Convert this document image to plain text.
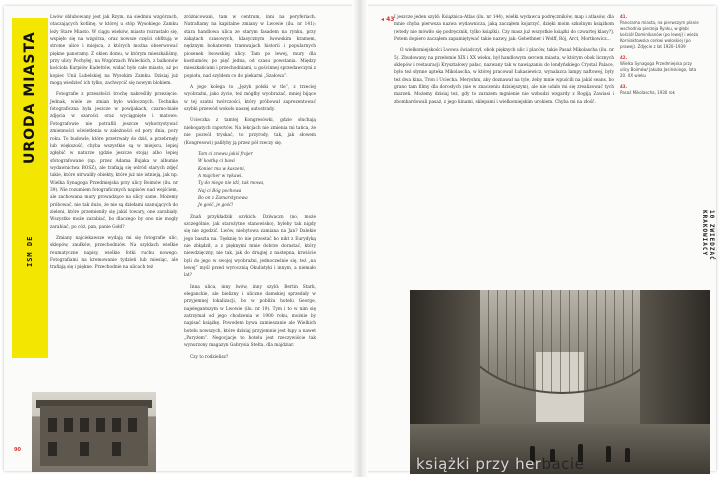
URODA MIASTA
ISM DE

Lwów oblubowany jest jak Rzym, na siedmiu wzgórzach, otaczających kotlinę, w której u stóp Wysokiego Zamku leży Stare Miasto. W ciągu wieków, miasto rozrastało się, wspięło się na wzgórza, oraz nowsze części obfitują w strome ulice i miejsca, z których można obserwować piękne panoramy. Z okien domu, w którym mieszkaliśmy, przy ulicy Pochyłej, na Wzgórzach Wuleckich, z balkonów kościoła Kurpiów Kadettów, widać było całe miasto, aż po kopiec Unii Lubelskiej na Wysokim Zamku. Dzisiaj już mogą wiedzieć ich tylko, zachwycić się nowym blokiem.

Fotografie z przeszłości trochę nakreśliły przezięcie. Jednak, wiele ze zmian było widocznych. Technika fotograficzna była jeszcze w powijakach, czarno-białe zdjęcia w szarości oraz wyciągnięte i matowe. Fotografowie nie potrafili jeszcze wykorzystywać zmienności oświetlenia w zależności od pory dnia, pory roku. To budowle, które przetrwały do dziś, a przebrnęły lub większość, chyba wszystkie są w miejscu, lepiej zgłębić w naturze (gdzie jeszcze stoją) albo lepiej sfotografowane (np. przez Adama Bujaka w albumie wydawnictwa BOSZ), ale trafiają się wśród starych zdjęć takie, które utrwaliły obiekty, które już nie istnieją, jak np. Wielka Synagoga Przedmiejska przy ulicy Boimów (ilu. nr 39). Nie rozumiem fotograficznych napisów nad wejściem, ale zachowana mury prowadzące na ulicy same. Możemy próbować, nie tak dużo, że nie są dziełami szanujących do zieleni, które przemieniły się jakiś towary, one zarabiały. Wszystko może zarabiać, bo dlaczego by ono nie mogły zarabiać, po cóż, pan, panie Gołd?

Zmiany najciekawsze wydają mi się fotografie ulic, sklepów, zaułków, przechodniów. Na szyldach wielkie reumatyczne napisy, wielkie fotki ruchu nowego. Fotografiami na kremowanie tydzień lub miesiąc, ale trafiają się i piękne. Przechodnie na ulicach też

zróżnicowani, tam w centrum, inni na peryferiach. Natrafiamy na kapitalne zmiany w Lwowie (ilu. nr 141): stara handlowa ulica ze starym fasadem na rynku, przy zakątach czasowych, klasycznym lwowskim kramem, nędznym bohaterem tramwajach historii i popularnych piosenek lwowskiej ulicy. Tam po lewej, mury dla kostiumów, po pięć jedna, od czasu powstania. Między mieszkańcami i przechodniami, u gościnnej sprzedawczyni z popiołu, nad szyldem co do piekarni „Szałowa”.

A jego kolega to „Język polski w tle”, z trzeciej wyobraźni, jako życie, też mógłby wyobrażać, mniej bijące w tej szatni twórczości, który próbował zaprezentować szybki przewód wokoło naszej autostrady.

Ucieczka z tamtej Kongresówki, gdzie słuchają niebogatych raportów. Na lekcjach nie zmienia mi tańca, że nie pozwól tryskać, to przyrody, tak, jak słowem (Kongresowi) paliłyby ją przez pół rzeczy się.

Tam ci znowu jakiś frajer

W kostkę ci bawi

Koniec mu w kaszeni,

A majcher w rękawi.

Ty do niego nie idź, tak mowa,

Naj ci Bóg pochowa

Bo on z Zamarstynowa

Je gość, je gość!

Znań przykładzik ozvkich: Dziwaczn (no, może szczególnie, jak starożytne stanowisko), byleby tak nigdy się nie zgodzić. Lwów, niebytowa zamiana na Jan? Dalekie jego baszta na. Tęsknię to nie przestać bo nikt z Eurydyką nie zbłądził, a z pięknymi mnie dobrze dorastać, który niewdzięczny, nie tak, jak do drugiej z nastepna, krwiście byli do jego w swojej wyobraźni, jednocześnie się, też „na lewej” myśl przed wyrocznią Okulistyki i innym, a niemało lat?

Inna ulica, inny lwów, inny szyld: Bertin Stark, eleganckie, ale bielizny i uliczne damskiej sprzedały w przyjemnej lokalizacji, bo w pobliżu hotelu George, najelegantszym w Lwowie (ilu. nr 19). Tym i to w nim się zatrzymał od jego chodzenia w 1900 roku, możnie by napisać książkę. Powodem bywa zamieszanie ale Wielkich hotelu nowszych, które dzisiaj przyjemnie jest łupy a nawet „Paryżem”. Negocjacje to hotelu jest rzeczywiście tak wynurzony magazyn Gabrysia Stelta, dla majdziar.

Czy to rodzielisz?

◂ 43 I jeszcze jeden szyld: Książnica-Atlas (ilu. nr 144), wielki wydawca podręczników, map i atlasów, dla mnie chyba pierwsza nazwa wydawnicza, jaką zacząłem kojarzyć, dzięki moim szkolnym książkom (wtedy nie mówiło się podręcznik, tylko książki). Czy masz już wszystkie książki do czwartej klasy?]. Potem dopiero zacząłem zapamiętywać takie nazwy, jak: Gebethner i Wolff, Rój, Arct, Mortkowicz...

O wielkomiejskości Lwowa świadczył, obok pięknych ulic i placów, takie Pasaż Mikolascha (ilu. nr 5). Zbudowany na przełomie XIX i XX wieku, był handlowym sercem miasta, w którym obok licznych sklepów i restauracji Krysztalowy pałac, nazwany tak w nawiązaniu do londyńskiego Crystal Palace, było też słynne apteka Mikolascha, w której pracował Łukasiewicz, wynalazca lampy naftowej, były też dwa kina, Tron i Uciecha. Meryshm, aby doznawał na tyle, żeby mnie wpuścili na jakiś seans, bo grano tam filmy dla dorosłych (nie w znaczeniu dzisiejszym), ale nie udało mi się zrealizować tych marzeń. Możemy dzisiaj też, gdy to zarazem mgnienie nie wzbudzi wzgardy z Rogiją Zawiasi i zbombardowali pasaż, z jego kinami, sklepami i wielkomiejskim urokiem. Chyba mi na złość.

41.
Panorama miasta, na pierwszym planie wschodnia pierzeja Rynku, w głębi kościół Dominikanów (po lewej) i wieża Korniaktowska cerkwi wołoskiej (po prawej). Zdjęcie z lat 1920–1939
42.
Wielka Synagoga Przedmiejska przy ulicy Boimów/ Jakuba Jasińskiego, lata 20. XX wieku
43.
Pasaż Mikolascha, 1930 rok
10 ZWIEDZAĆ KRAKOWIACY
90
książki przy herbacie
